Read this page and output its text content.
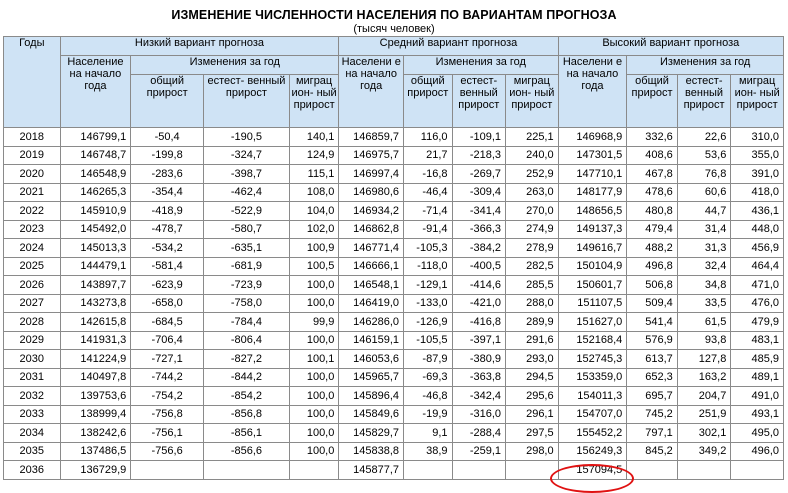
ИЗМЕНЕНИЕ ЧИСЛЕННОСТИ НАСЕЛЕНИЯ ПО ВАРИАНТАМ ПРОГНОЗА
(тысяч человек)
Годы	Низкий вариант прогноза				Средний вариант прогноза				Высокий вариант прогноза			

	Население на начало года	Изменения за год			Населени е на начало года	Изменения за год			Населени е на начало года	Изменения за год		

		общий прирост	естест- венный прирост	миграц ион- ный прирост		общий прирост	естест- венный прирост	миграц ион- ный прирост		общий прирост	естест- венный прирост	миграц ион- ный прирост

2018	146799,1	-50,4	-190,5	140,1	146859,7	116,0	-109,1	225,1	146968,9	332,6	22,6	310,0
2019	146748,7	-199,8	-324,7	124,9	146975,7	21,7	-218,3	240,0	147301,5	408,6	53,6	355,0
2020	146548,9	-283,6	-398,7	115,1	146997,4	-16,8	-269,7	252,9	147710,1	467,8	76,8	391,0
2021	146265,3	-354,4	-462,4	108,0	146980,6	-46,4	-309,4	263,0	148177,9	478,6	60,6	418,0
2022	145910,9	-418,9	-522,9	104,0	146934,2	-71,4	-341,4	270,0	148656,5	480,8	44,7	436,1
2023	145492,0	-478,7	-580,7	102,0	146862,8	-91,4	-366,3	274,9	149137,3	479,4	31,4	448,0
2024	145013,3	-534,2	-635,1	100,9	146771,4	-105,3	-384,2	278,9	149616,7	488,2	31,3	456,9
2025	144479,1	-581,4	-681,9	100,5	146666,1	-118,0	-400,5	282,5	150104,9	496,8	32,4	464,4
2026	143897,7	-623,9	-723,9	100,0	146548,1	-129,1	-414,6	285,5	150601,7	506,8	34,8	471,0
2027	143273,8	-658,0	-758,0	100,0	146419,0	-133,0	-421,0	288,0	151107,5	509,4	33,5	476,0
2028	142615,8	-684,5	-784,4	99,9	146286,0	-126,9	-416,8	289,9	151627,0	541,4	61,5	479,9
2029	141931,3	-706,4	-806,4	100,0	146159,1	-105,5	-397,1	291,6	152168,4	576,9	93,8	483,1
2030	141224,9	-727,1	-827,2	100,1	146053,6	-87,9	-380,9	293,0	152745,3	613,7	127,8	485,9
2031	140497,8	-744,2	-844,2	100,0	145965,7	-69,3	-363,8	294,5	153359,0	652,3	163,2	489,1
2032	139753,6	-754,2	-854,2	100,0	145896,4	-46,8	-342,4	295,6	154011,3	695,7	204,7	491,0
2033	138999,4	-756,8	-856,8	100,0	145849,6	-19,9	-316,0	296,1	154707,0	745,2	251,9	493,1
2034	138242,6	-756,1	-856,1	100,0	145829,7	9,1	-288,4	297,5	155452,2	797,1	302,1	495,0
2035	137486,5	-756,6	-856,6	100,0	145838,8	38,9	-259,1	298,0	156249,3	845,2	349,2	496,0
2036	136729,9				145877,7				157094,5			
